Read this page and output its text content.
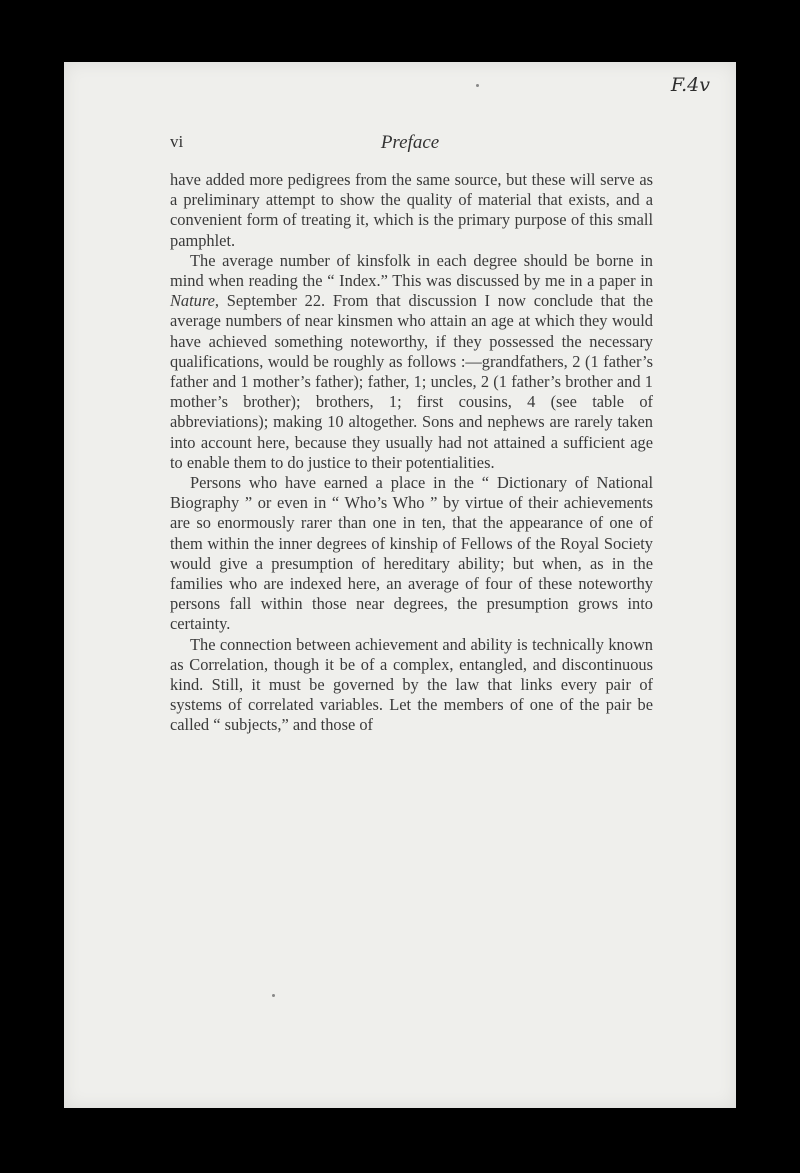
F.4v
vi	Preface

have added more pedigrees from the same source, but these will serve as a preliminary attempt to show the quality of material that exists, and a convenient form of treating it, which is the primary purpose of this small pamphlet.

The average number of kinsfolk in each degree should be borne in mind when reading the “ Index.” This was discussed by me in a paper in Nature, September 22. From that discussion I now conclude that the average numbers of near kinsmen who attain an age at which they would have achieved something noteworthy, if they possessed the necessary qualifications, would be roughly as follows :—grandfathers, 2 (1 father’s father and 1 mother’s father); father, 1; uncles, 2 (1 father’s brother and 1 mother’s brother); brothers, 1; first cousins, 4 (see table of abbreviations); making 10 altogether. Sons and nephews are rarely taken into account here, because they usually had not attained a sufficient age to enable them to do justice to their potentialities.

Persons who have earned a place in the “ Dictionary of National Biography ” or even in “ Who’s Who ” by virtue of their achievements are so enormously rarer than one in ten, that the appearance of one of them within the inner degrees of kinship of Fellows of the Royal Society would give a presumption of hereditary ability; but when, as in the families who are indexed here, an average of four of these noteworthy persons fall within those near degrees, the presumption grows into certainty.

The connection between achievement and ability is technically known as Correlation, though it be of a complex, entangled, and discontinuous kind. Still, it must be governed by the law that links every pair of systems of correlated variables. Let the members of one of the pair be called “ subjects,” and those of
